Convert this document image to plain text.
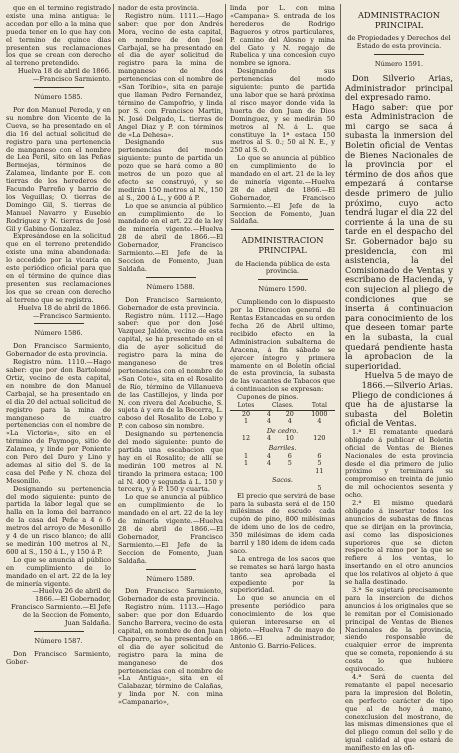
que en el termino registrado existe una mina antigua: le accedan por ello a la mina que pueda tener en lo que hay con el termino de quince dias presenten sus reclamaciones los que se crean con derecho al terreno pretendido.

Huelva 18 de abril de 1866.—Francisco Sarmiento.

Número 1585.

Por don Manuel Pereda, y en su nombre don Vicente de la Cueva, se ha presentado en el dia 16 del actual solicitud de registro para una pertenencia de manganeso con el nombre de Lea Peril, sito en las Peñas Bermejas, términos de Zalamea, lindante por E. con tierras de los herederos de Facundo Parreño y barrio de los Veguillas; O. tierras de Domingo Gil, S. tierras de Manuel Navarro y Eusebio Rodriguez y N. tierras de José Gil y Gabino Gonzalez.

Expresándose en la solicitud que en el terreno pretendido existe una mina abandonada: lo accedido por la vicaría en este periódico oficial para que en el término de quince dias presenten sus reclamaciones los que se crean con derecho al terreno que se registra.

Huelva 18 de abril de 1866.—Francisco Sarmiento.

Número 1586.

Don Francisco Sarmiento, Gobernador de esta provincia.

Registro núm. 1110.—Hago saber: que por don Bartolomé Ortiz, vecino de esta capital, en nombre de don Manuel Carbajal, se ha presentado en el dia 20 del actual solicitud de registro para la mina de manganeso de cuatro pertenencias con el nombre de «La Victoria», sito en el término de Paymogo, sitio de Zalamea, y linde por Poniente con Pero del Duro y Lino y ademas al sitio del S. de la casa del Peñe y N. choza del Mesonillo.

Designando su pertenencia del modo siguiente: punto de partida la labor legal que se halla en la loma del barranco de la casa del Peñe a 4 ó 6 metros del arroyo de Mesonillo y 4 de un risco blanco; de allí se medirán 100 metros al N., 600 al S., 150 á L., y 150 á P.

Lo que se anuncia al público en cumplimiento de lo mandado en el art. 22 de la ley de minería vigente.

—Huelva 26 de abril de 1866.—El Gobernador, Francisco Sarmiento.—El Jefe de la Seccion de Fomento, Juan Saldaña.

Número 1587.

Don Francisco Sarmiento, Gober-

nador de esta provincia.

Registro núm. 1111.—Hago saber: que por don Andrés Mora, vecino de esta capital, en nombre de don José Carbajal, se ha presentado en el dia de ayer solicitud de registro para la mina de manganeso de dos pertenencias con el nombre de «San Toribio», sita en paraje que llaman Pedro Fernandez, término de Campofrio, y linda por S. con Francisco Martin, N. José Delgado, L. tierras de Angel Diaz y P. con términos de «La Dehesa».

Designando sus pertenencias del modo siguiente: punto de partida un pozo que se hará como a 80 metros de un pozo que al efecto se construyó, y se medirán 150 metros al N., 150 al S., 200 á L., y 600 á P.

Lo que se anuncia al público en cumplimiento de lo mandado en el art. 22 de la ley de minería vigente.—Huelva 28 de abril de 1866.—El Gobernador, Francisco Sarmiento.—El Jefe de la Seccion de Fomento, Juan Saldaña.

Número 1588.

Don Francisco Sarmiento, Gobernador de esta provincia.

Registro núm. 1112.—Hago saber: que por don José Vazquez Jaldón, vecino de esta capital, se ha presentado en el dia de ayer solicitud de registro para la mina de manganeso de tres pertenencias con el nombre de «San Cote», sita en el Rosalito de Río, término de Villanueva de las Castillejos, y linda por N. con rivera del Acebuche, S. sujeta á y era de la Becerra, L. caboso del Rosalito de Lobo y P. con caboso sin nombre.

Designando su pertenencia del modo siguiente: punto de partida una escabacion que hay en el Rosalito; de allí se medirán 100 metros al N. tirando la primera estaca; 100 al N. 400 y segunda á L. 150 y tercera, y á P. 150 y cuarta.

Lo que se anuncia al público en cumplimiento de lo mandado en el art. 22 de la ley de minería vigente.—Huelva 28 de abril de 1866.—El Gobernador, Francisco Sarmiento.—El Jefe de la Seccion de Fomento, Juan Saldaña.

Número 1589.

Don Francisco Sarmiento, Gobernador de esta provincia.

Registro núm. 1113.—Hago saber: que por don Eduardo Sancho Barrera, vecino de esta capital, en nombre de don Juan Chaparro, se ha presentado en el dia de ayer solicitud de registro para la mina de manganeso de dos pertenencias con el nombre de «La Antigua», sita en el Calabazar, término de Calañas, y linda por N. con mina «Campanario»,

linda por L. con mina «Campana» S. entrada de los herederos de Rodrigo Bagueros y otros particulares, P. camino del Alosno y mina del Gato y N. regajo de Rubelica y una concesion cuyo nombre se ignora.

Designando sus pertenencias del modo siguiente: punto de partida una labor que se hará próxima al risco mayor donde vida la huerta de don Juan de Dios Dominguez, y se medirán 50 metros al N. á L. que constituye la 1ª estaca 150 metros al S. 0.; 50 al N. E., y 250 al S. O.

Lo que se anuncia al público en cumplimiento de lo mandado en el art. 21 de la ley de minería vigente.—Huelva 28 de abril de 1866.—El Gobernador, Francisco Sarmiento.—El Jefe de la Seccion de Fomento, Juan Saldaña.

ADMINISTRACION PRINCIPAL

de Hacienda pública de esta provincia.

Número 1590.

Cumpliendo con lo dispuesto por la Direccion general de Rentas Estancadas en su orden fecha 26 de Abril ultimo, recibido efecto en la Administracion subalterna de Aracena, á fin sábado se ejercer íntegro y primera mamente en el Boletín oficial de esta provincia, la subasta de las vacantes de Tabacos que á continuacion se expresan:

Cupones de pinos.

Lotes	Clases.		Total
20	4	20	1000
1	4	4	4
De cedro.			
12	4	10	120
Barriles.			
1	4	6	6
1	4	5	5
			11
Sacos.			
			5

El precio que servirá de base para la subasta será el de 150 milésimas de escudo cada cupón de pino, 800 milésimas de idem uno de los de cedro, 350 milésimas de idem cada barril y 180 idem de idem cada saco.

La entrega de los sacos que se remates se hará largo hasta tanto sea aprobada el expediente por la superioridad.

Lo que se anuncia en el presente periódico para conocimiento de los que quieran interesarse en el objeto.—Huelva 7 de mayo de 1866.—El administrador, Antonio G. Barrio-Felices.

ADMINISTRACION PRINCIPAL

de Propiedades y Derechos del Estado de esta provincia.

Número 1591.

Don Silverio Arias, Administrador principal del expresado ramo.

Hago saber: que por esta Administracion de mi cargo se saca á subasta la inmersion del Boletin oficial de Ventas de Bienes Nacionales de la provincia por el término de dos años que empezará á contarse desde primero de julio próximo, cuyo acto tendrá lugar el dia 22 del corriente á la una de su tarde en el despacho del Sr. Gobernador bajo su presidencia, con mi asistencia, la del Comisionado de Ventas y escribano de Hacienda, y con sujecion al pliego de condiciones que se inserta á continuacion para conocimiento de los que deseen tomar parte en la subasta, la cual quedará pendiente hasta la aprobacion de la superioridad.

Huelva 5 de mayo de 1866.—Silverio Arias.

Pliego de condiciones á que ha de ajustarse la subasta del Boletin oficial de Ventas.

1.ª El rematante quedará obligado á publicar el Boletin oficial de Ventas de Bienes Nacionales de esta provincia desde el dia primero de julio próximo y terminará su compromiso en treinta de junio de mil ochocientos sesenta y ocho.

2.ª El mismo quedará obligado á insertar todos los anuncios de subastas de fincas que se dirijan en la provincia, así como las disposiciones superiores que se dicten respecto al ramo por la que se refiere á los ventas, lo insertando en el otro anuncios que los relativos al objeto á que se halla destinado.

3.ª Se sujetará precisamente para la insercion de dichos anuncios á los originales que se le remitan por el Comisionado principal de Ventas de Bienes Nacionales de la provincia, siendo responsable de cualquier error de imprenta que se cometa, reponiendo á su costa lo que hubiere equivocado.

4.ª Será de cuenta del rematante el papel necesario para la impresion del Boletin, en perfecto carácter de tipo que al de hoy á mano, conexclusion del mostrano, de las mismas dimensiones que el del pliego comun del sello y de igual calidad al que estará de manifiesto en las ofi-
